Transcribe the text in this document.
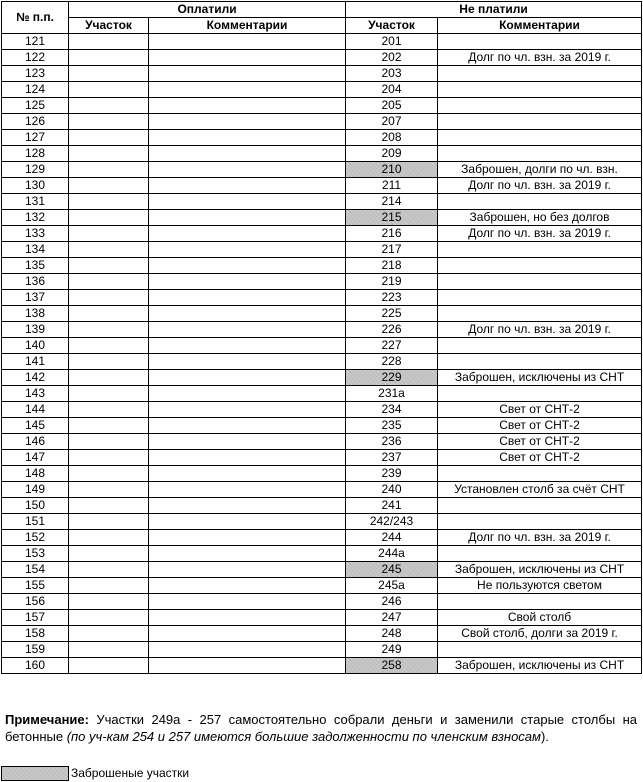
№ п.п.	Оплатили		Не платили	
	Участок	Комментарии	Участок	Комментарии
121			201	
122			202	Долг по чл. взн. за 2019 г.
123			203	
124			204	
125			205	
126			207	
127			208	
128			209	
129			210	Заброшен, долги по чл. взн.
130			211	Долг по чл. взн. за 2019 г.
131			214	
132			215	Заброшен, но без долгов
133			216	Долг по чл. взн. за 2019 г.
134			217	
135			218	
136			219	
137			223	
138			225	
139			226	Долг по чл. взн. за 2019 г.
140			227	
141			228	
142			229	Заброшен, исключены из СНТ
143			231а	
144			234	Свет от СНТ-2
145			235	Свет от СНТ-2
146			236	Свет от СНТ-2
147			237	Свет от СНТ-2
148			239	
149			240	Установлен столб за счёт СНТ
150			241	
151			242/243	
152			244	Долг по чл. взн. за 2019 г.
153			244а	
154			245	Заброшен, исключены из СНТ
155			245а	Не пользуются светом
156			246	
157			247	Свой столб
158			248	Свой столб, долги за 2019 г.
159			249	
160			258	Заброшен, исключены из СНТ
Примечание: Участки 249а - 257 самостоятельно собрали деньги и заменили старые столбы на бетонные (по уч-кам 254 и 257 имеются большие задолженности по членским взносам).
Заброшеные участки
